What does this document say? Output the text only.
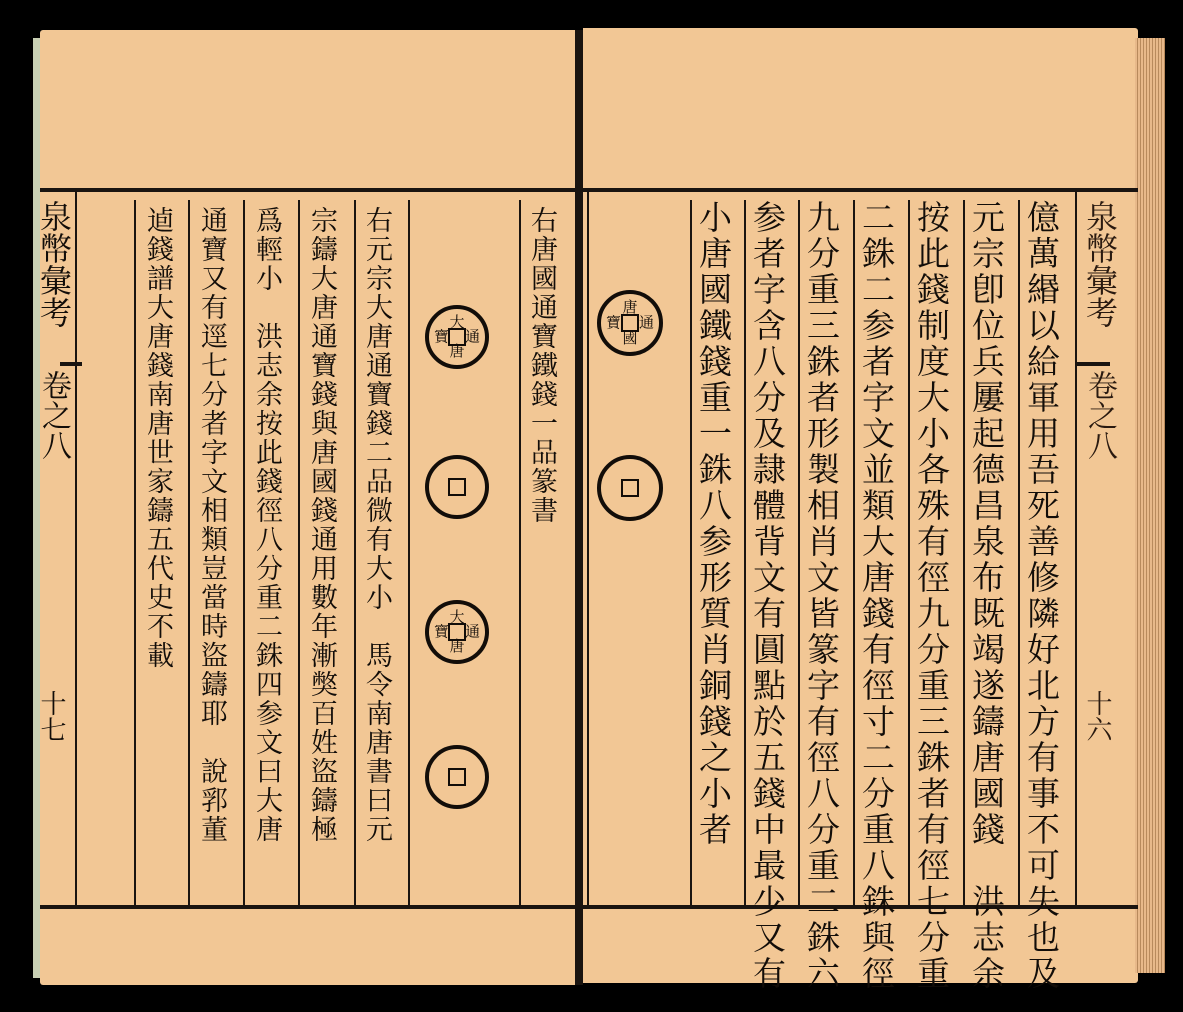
泉幣彙考
卷之八
十七
泉幣彙考
卷之八
十六
右唐國通寶鐵錢一品篆書
右元宗大唐通寶錢二品微有大小　馬令南唐書曰元
宗鑄大唐通寶錢與唐國錢通用數年漸獘百姓盜鑄極
爲輕小　洪志余按此錢徑八分重二銖四参文曰大唐
通寶又有逕七分者字文相類豈當時盜鑄耶　說郛董
逌錢譜大唐錢南唐世家鑄五代史不載	大
唐
通
寶
大
唐
通
寶
唐
國
通
寶	億萬緡以給軍用吾死善修隣好北方有事不可失也及
元宗卽位兵屢起德昌泉布既竭遂鑄唐國錢　洪志余
按此錢制度大小各殊有徑九分重三銖者有徑七分重
二銖二参者字文並類大唐錢有徑寸二分重八銖與徑
九分重三銖者形製相肖文皆篆字有徑八分重二銖六
参者字含八分及隷體背文有圓點於五錢中最少又有
小唐國鐵錢重一銖八参形質肖銅錢之小者
